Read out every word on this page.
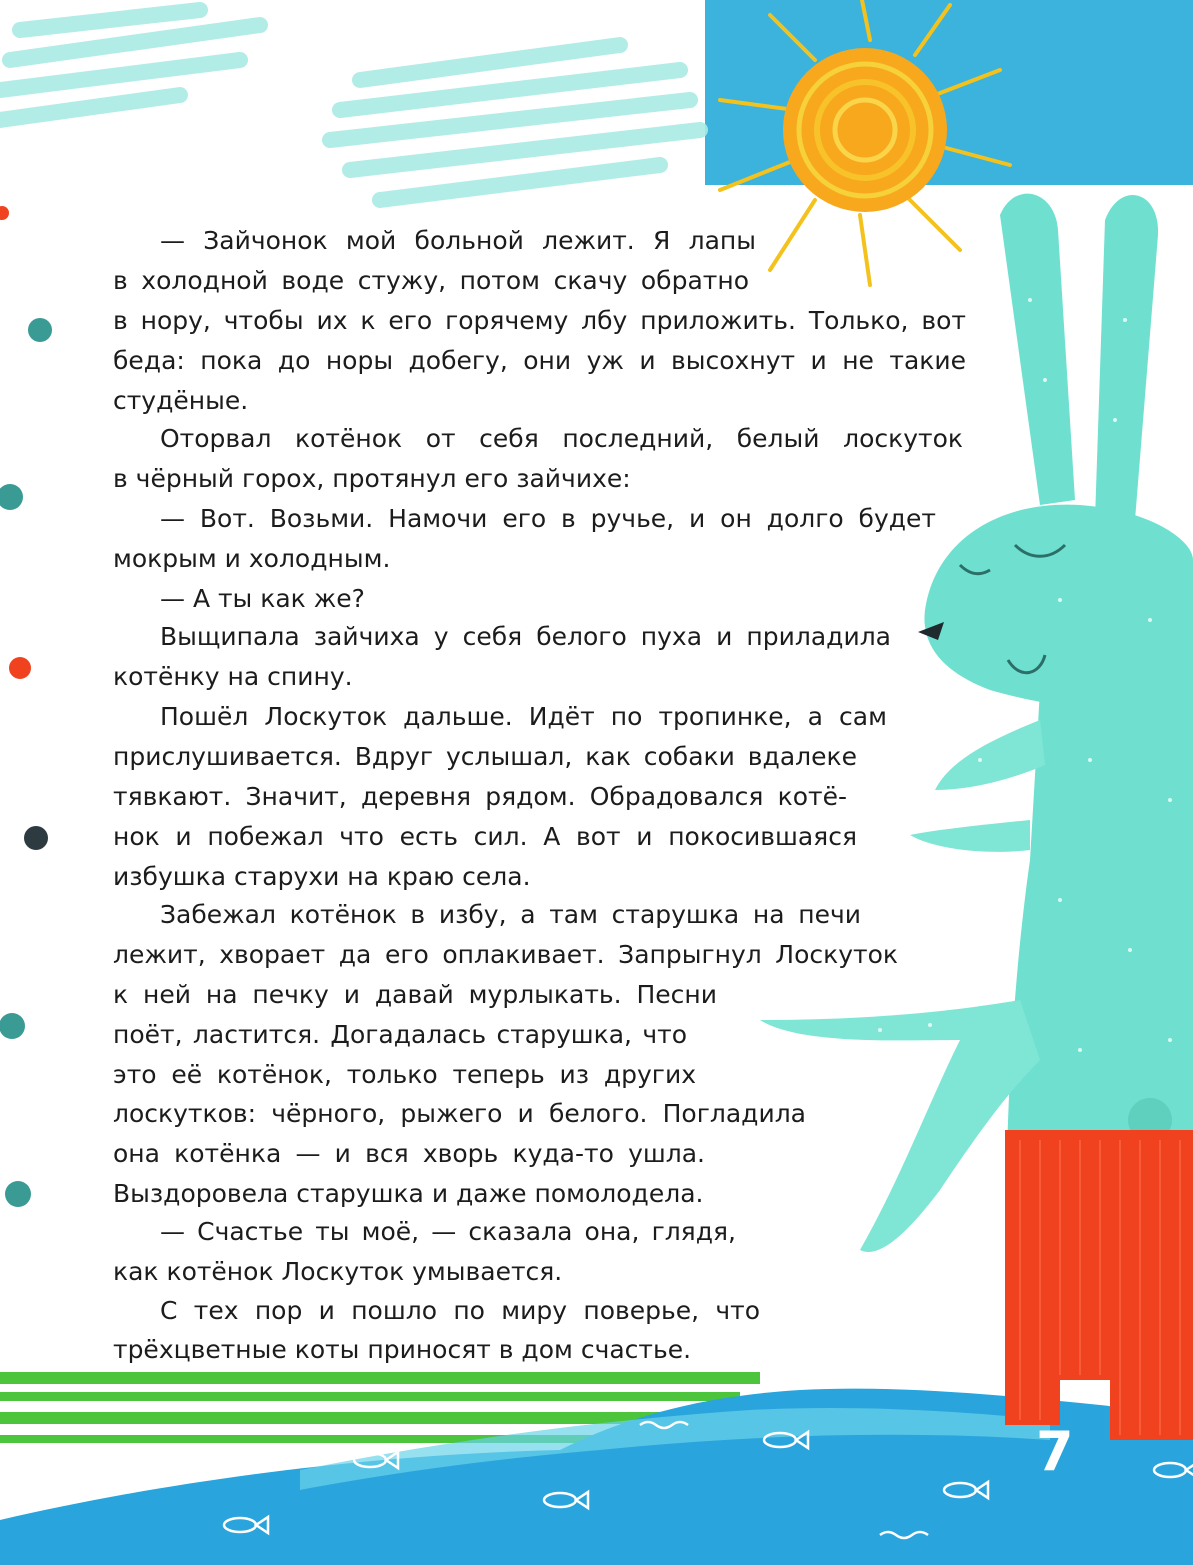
— Зайчонок мой больной лежит. Я лапы
в холодной воде стужу, потом скачу обратно
в нору, чтобы их к его горячему лбу приложить. Только, вот
беда: пока до норы добегу, они уж и высохнут и не такие
студёные.
Оторвал котёнок от себя последний, белый лоскуток
в чёрный горох, протянул его зайчихе:
— Вот. Возьми. Намочи его в ручье, и он долго будет
мокрым и холодным.
— А ты как же?
Выщипала зайчиха у себя белого пуха и приладила
котёнку на спину.
Пошёл Лоскуток дальше. Идёт по тропинке, а сам
прислушивается. Вдруг услышал, как собаки вдалеке
тявкают. Значит, деревня рядом. Обрадовался котё-
нок и побежал что есть сил. А вот и покосившаяся
избушка старухи на краю села.
Забежал котёнок в избу, а там старушка на печи
лежит, хворает да его оплакивает. Запрыгнул Лоскуток
к ней на печку и давай мурлыкать. Песни
поёт, ластится. Догадалась старушка, что
это её котёнок, только теперь из других
лоскутков: чёрного, рыжего и белого. Погладила
она котёнка — и вся хворь куда-то ушла.
Выздоровела старушка и даже помолодела.
— Счастье ты моё, — сказала она, глядя,
как котёнок Лоскуток умывается.
С тех пор и пошло по миру поверье, что
трёхцветные коты приносят в дом счастье.
7
